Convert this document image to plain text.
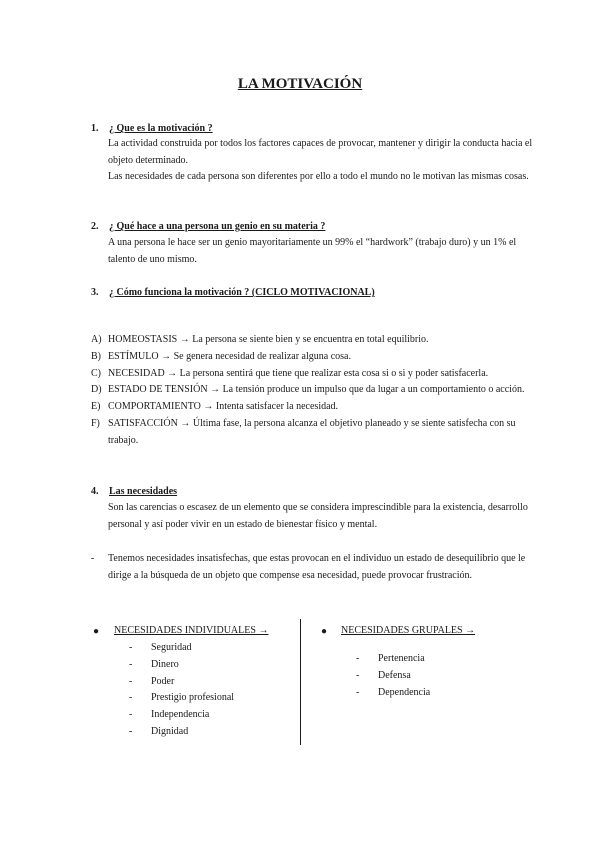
LA MOTIVACIÓN
1. ¿ Que es la motivación ?

La actividad construida por todos los factores capaces de provocar, mantener y dirigir la conducta hacia el objeto determinado.

Las necesidades de cada persona son diferentes por ello a todo el mundo no le motivan las mismas cosas.

2. ¿ Qué hace a una persona un genio en su materia ?

A una persona le hace ser un genio mayoritariamente un 99% el “hardwork” (trabajo duro) y un 1% el talento de uno mismo.

3. ¿ Cómo funciona la motivación ? (CICLO MOTIVACIONAL)
A) HOMEOSTASIS → La persona se siente bien y se encuentra en total equilibrio.
B) ESTÍMULO → Se genera necesidad de realizar alguna cosa.
C) NECESIDAD → La persona sentirá que tiene que realizar esta cosa si o si y poder satisfacerla.
D) ESTADO DE TENSIÓN → La tensión produce un impulso que da lugar a un comportamiento o acción.
E) COMPORTAMIENTO → Intenta satisfacer la necesidad.
F) SATISFACCIÓN → Última fase, la persona alcanza el objetivo planeado y se siente satisfecha con su trabajo.
4. Las necesidades

Son las carencias o escasez de un elemento que se considera imprescindible para la existencia, desarrollo personal y así poder vivir en un estado de bienestar físico y mental.

-	Tenemos necesidades insatisfechas, que estas provocan en el individuo un estado de desequilibrio que le dirige a la búsqueda de un objeto que compense esa necesidad, puede provocar frustración.
● NECESIDADES INDIVIDUALES →
- Seguridad
- Dinero
- Poder
- Prestigio profesional
- Independencia
- Dignidad
● NECESIDADES GRUPALES →
- Pertenencia
- Defensa
- Dependencia
